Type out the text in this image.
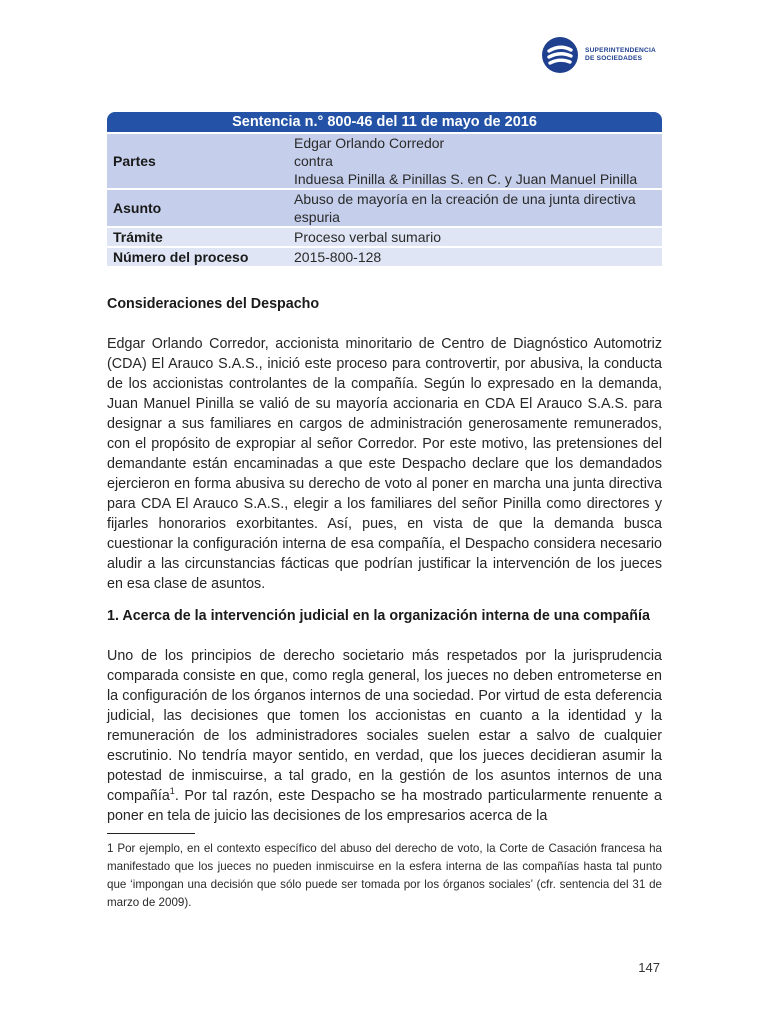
SUPERINTENDENCIA
DE SOCIEDADES
Sentencia n.° 800-46 del 11 de mayo de 2016	
Partes	Edgar Orlando Corredor
contra
Induesa Pinilla & Pinillas S. en C. y Juan Manuel Pinilla

Asunto	Abuso de mayoría en la creación de una junta directiva
espuria

Trámite	Proceso verbal sumario
Número del proceso	2015-800-128
Consideraciones del Despacho
Edgar Orlando Corredor, accionista minoritario de Centro de Diagnóstico Automotriz (CDA) El Arauco S.A.S., inició este proceso para controvertir, por abusiva, la conducta de los accionistas controlantes de la compañía. Según lo expresado en la demanda, Juan Manuel Pinilla se valió de su mayoría accionaria en CDA El Arauco S.A.S. para designar a sus familiares en cargos de administración generosamente remunerados, con el propósito de expropiar al señor Corredor. Por este motivo, las pretensiones del demandante están encaminadas a que este Despacho declare que los demandados ejercieron en forma abusiva su derecho de voto al poner en marcha una junta directiva para CDA El Arauco S.A.S., elegir a los familiares del señor Pinilla como directores y fijarles honorarios exorbitantes. Así, pues, en vista de que la demanda busca cuestionar la configuración interna de esa compañía, el Despacho considera necesario aludir a las circunstancias fácticas que podrían justificar la intervención de los jueces en esa clase de asuntos.
1. Acerca de la intervención judicial en la organización interna de una compañía
Uno de los principios de derecho societario más respetados por la jurisprudencia comparada consiste en que, como regla general, los jueces no deben entrometerse en la configuración de los órganos internos de una sociedad. Por virtud de esta deferencia judicial, las decisiones que tomen los accionistas en cuanto a la identidad y la remuneración de los administradores sociales suelen estar a salvo de cualquier escrutinio. No tendría mayor sentido, en verdad, que los jueces decidieran asumir la potestad de inmiscuirse, a tal grado, en la gestión de los asuntos internos de una compañía$^1$. Por tal razón, este Despacho se ha mostrado particularmente renuente a poner en tela de juicio las decisiones de los empresarios acerca de la
1 Por ejemplo, en el contexto específico del abuso del derecho de voto, la Corte de Casación francesa ha manifestado que los jueces no pueden inmiscuirse en la esfera interna de las compañías hasta tal punto que ‘impongan una decisión que sólo puede ser tomada por los órganos sociales’ (cfr. sentencia del 31 de marzo de 2009).
147
